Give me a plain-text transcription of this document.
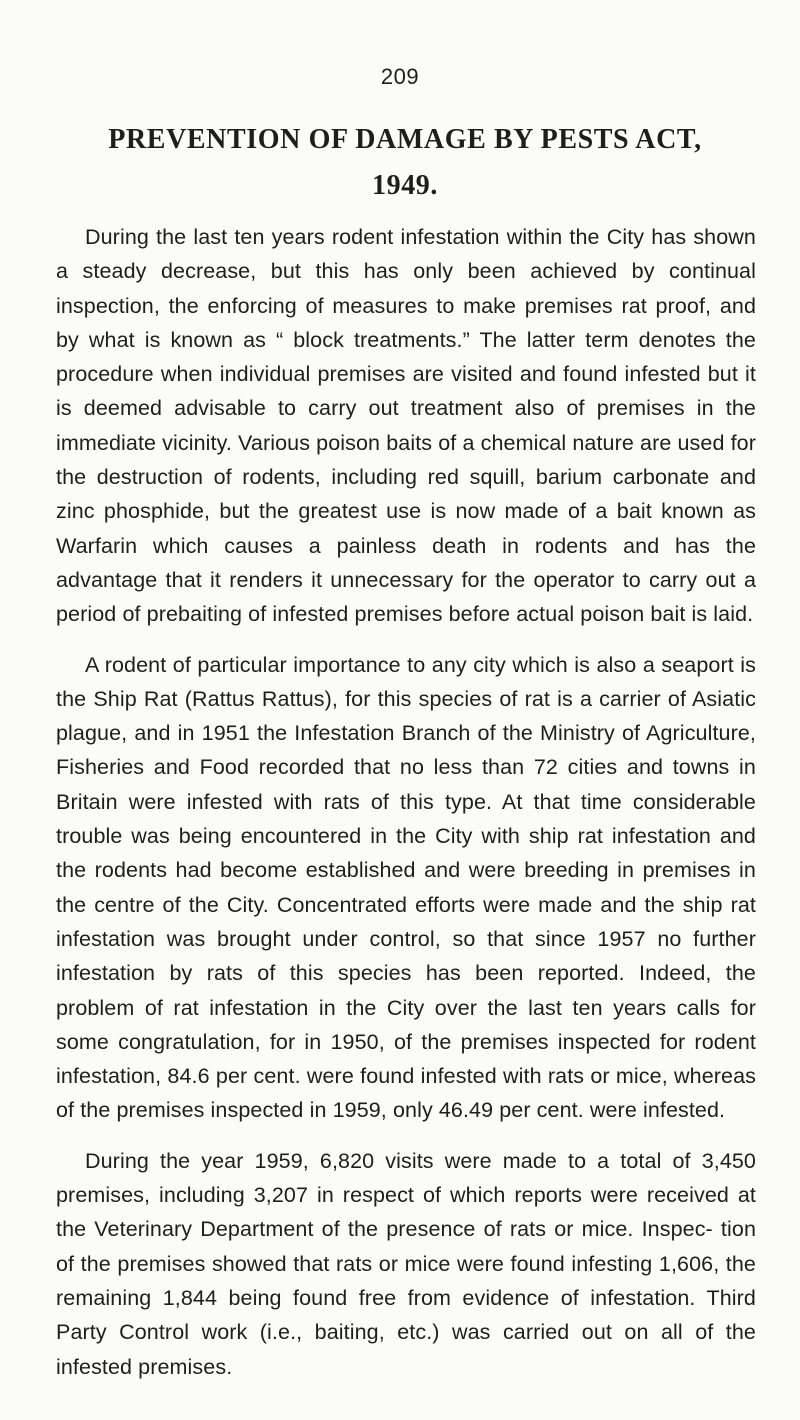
209
PREVENTION OF DAMAGE BY PESTS ACT,
1949.

During the last ten years rodent infestation within the City has shown a steady decrease, but this has only been achieved by continual inspection, the enforcing of measures to make premises rat proof, and by what is known as “ block treatments.” The latter term denotes the procedure when individual premises are visited and found infested but it is deemed advisable to carry out treatment also of premises in the immediate vicinity. Various poison baits of a chemical nature are used for the destruction of rodents, including red squill, barium carbonate and zinc phosphide, but the greatest use is now made of a bait known as Warfarin which causes a painless death in rodents and has the advantage that it renders it unnecessary for the operator to carry out a period of prebaiting of infested premises before actual poison bait is laid.

A rodent of particular importance to any city which is also a seaport is the Ship Rat (Rattus Rattus), for this species of rat is a carrier of Asiatic plague, and in 1951 the Infestation Branch of the Ministry of Agriculture, Fisheries and Food recorded that no less than 72 cities and towns in Britain were infested with rats of this type. At that time considerable trouble was being encountered in the City with ship rat infestation and the rodents had become established and were breeding in premises in the centre of the City. Concentrated efforts were made and the ship rat infestation was brought under control, so that since 1957 no further infestation by rats of this species has been reported. Indeed, the problem of rat infestation in the City over the last ten years calls for some congratulation, for in 1950, of the premises inspected for rodent infestation, 84.6 per cent. were found infested with rats or mice, whereas of the premises inspected in 1959, only 46.49 per cent. were infested.

During the year 1959, 6,820 visits were made to a total of 3,450 premises, including 3,207 in respect of which reports were received at the Veterinary Department of the presence of rats or mice. Inspec- tion of the premises showed that rats or mice were found infesting 1,606, the remaining 1,844 being found free from evidence of infestation. Third Party Control work (i.e., baiting, etc.) was carried out on all of the infested premises.
